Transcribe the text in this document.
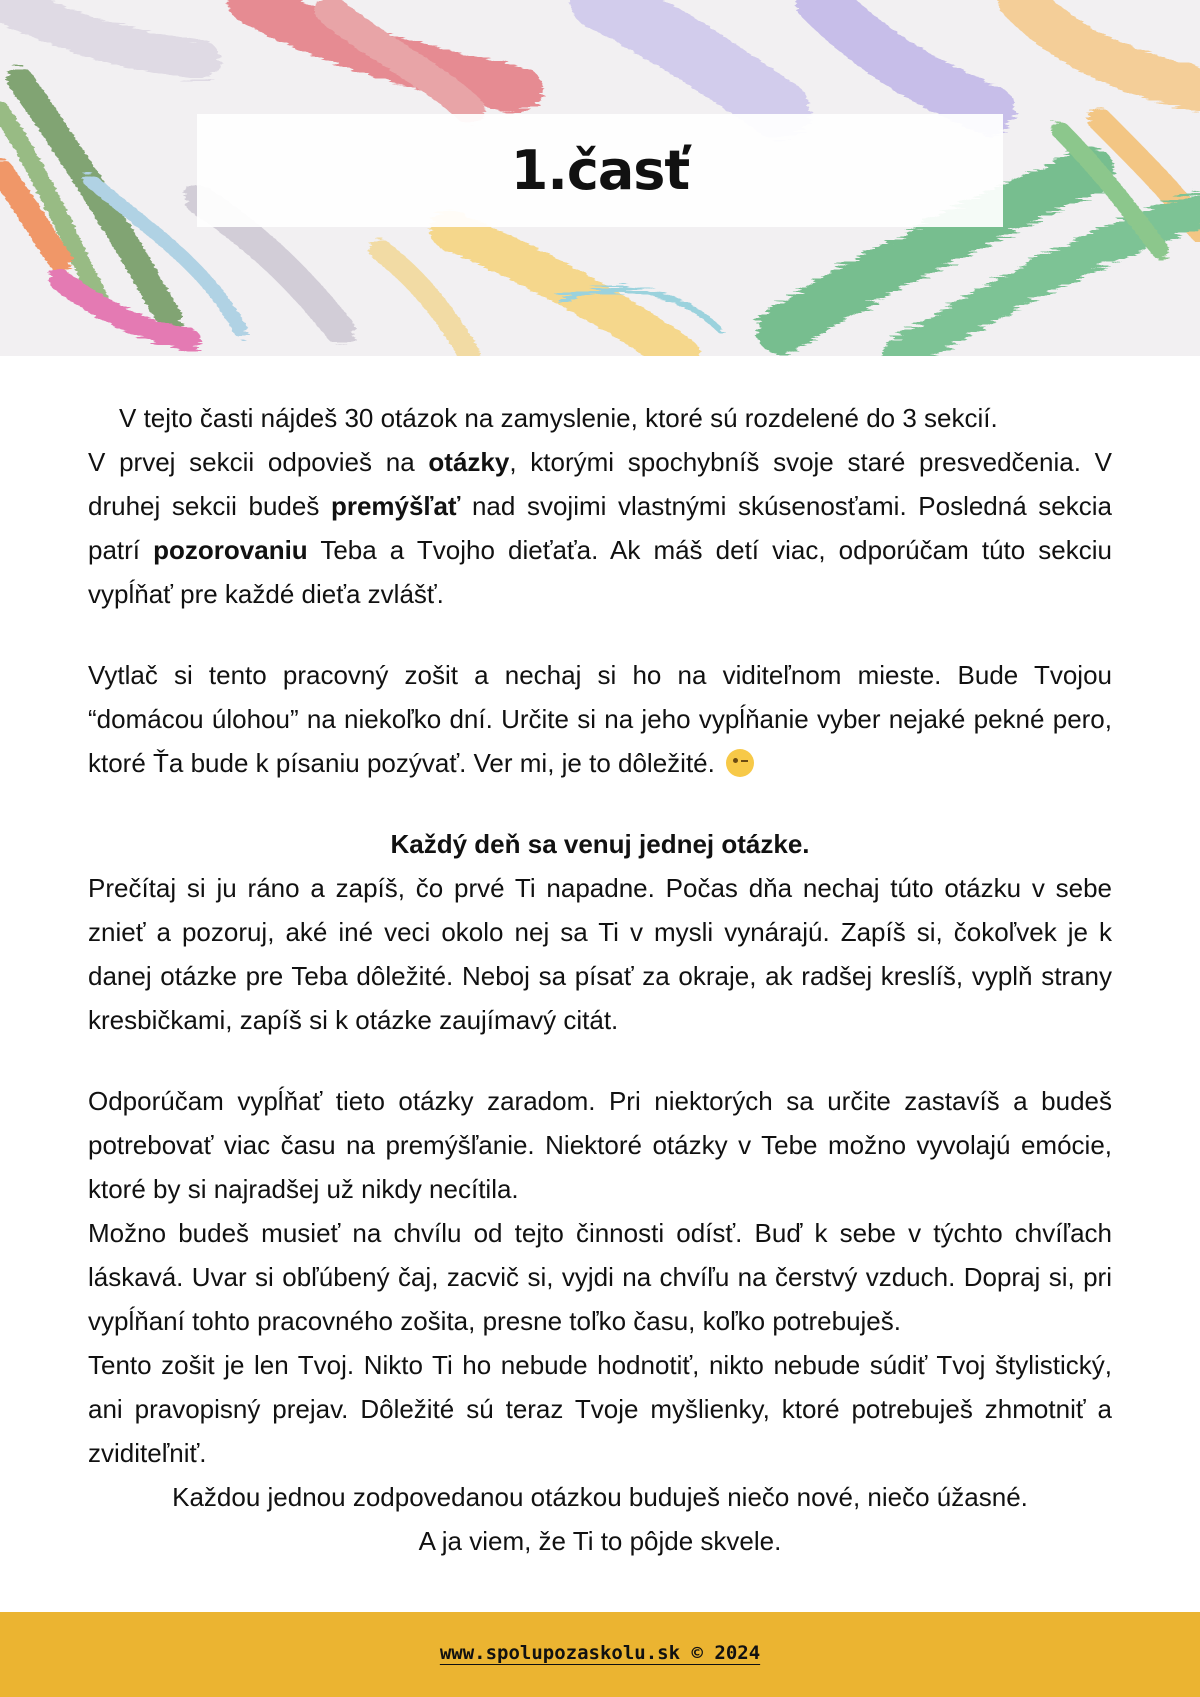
1.časť

V tejto časti nájdeš 30 otázok na zamyslenie, ktoré sú rozdelené do 3 sekcií.
V prvej sekcii odpovieš na otázky, ktorými spochybníš svoje staré presvedčenia. V druhej sekcii budeš premýšľať nad svojimi vlastnými skúsenosťami. Posledná sekcia patrí pozorovaniu Teba a Tvojho dieťaťa. Ak máš detí viac, odporúčam túto sekciu vypĺňať pre každé dieťa zvlášť.

Vytlač si tento pracovný zošit a nechaj si ho na viditeľnom mieste. Bude Tvojou “domácou úlohou” na niekoľko dní. Určite si na jeho vypĺňanie vyber nejaké pekné pero, ktoré Ťa bude k písaniu pozývať. Ver mi, je to dôležité.

Každý deň sa venuj jednej otázke.

Prečítaj si ju ráno a zapíš, čo prvé Ti napadne. Počas dňa nechaj túto otázku v sebe znieť a pozoruj, aké iné veci okolo nej sa Ti v mysli vynárajú. Zapíš si, čokoľvek je k danej otázke pre Teba dôležité. Neboj sa písať za okraje, ak radšej kreslíš, vyplň strany kresbičkami, zapíš si k otázke zaujímavý citát.

Odporúčam vypĺňať tieto otázky zaradom. Pri niektorých sa určite zastavíš a budeš potrebovať viac času na premýšľanie. Niektoré otázky v Tebe možno vyvolajú emócie, ktoré by si najradšej už nikdy necítila.

Možno budeš musieť na chvílu od tejto činnosti odísť. Buď k sebe v týchto chvíľach láskavá. Uvar si obľúbený čaj, zacvič si, vyjdi na chvíľu na čerstvý vzduch. Dopraj si, pri vypĺňaní tohto pracovného zošita, presne toľko času, koľko potrebuješ.

Tento zošit je len Tvoj. Nikto Ti ho nebude hodnotiť, nikto nebude súdiť Tvoj štylistický, ani pravopisný prejav. Dôležité sú teraz Tvoje myšlienky, ktoré potrebuješ zhmotniť a zviditeľniť.

Každou jednou zodpovedanou otázkou buduješ niečo nové, niečo úžasné.

A ja viem, že Ti to pôjde skvele.

www.spolupozaskolu.sk © 2024
